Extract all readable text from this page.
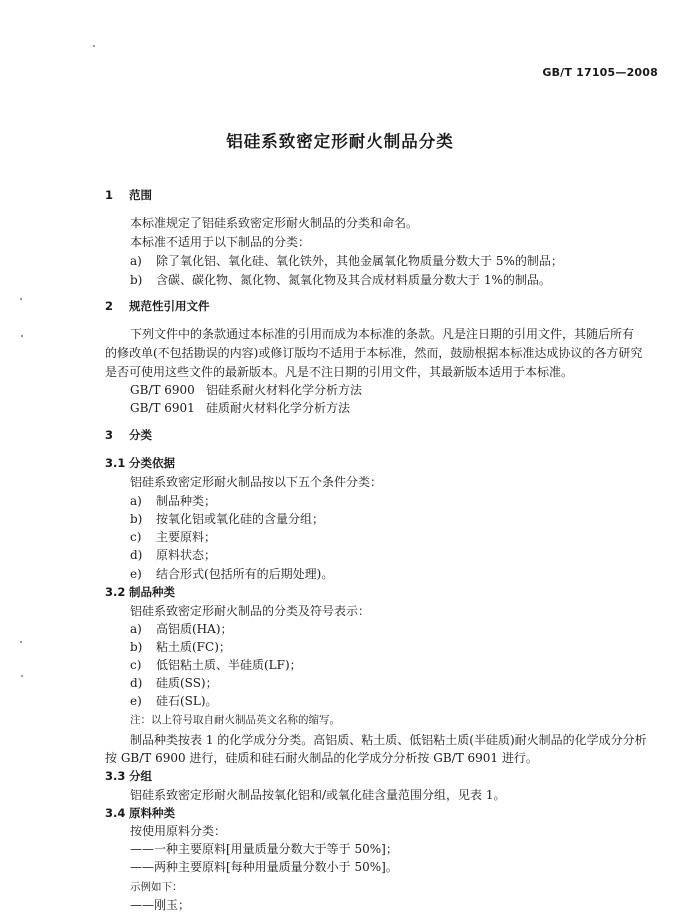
GB/T 17105—2008
铝硅系致密定形耐火制品分类
1 范围
本标准规定了铝硅系致密定形耐火制品的分类和命名。
本标准不适用于以下制品的分类：
a) 除了氧化铝、氧化硅、氧化铁外，其他金属氧化物质量分数大于 5%的制品；
b) 含碳、碳化物、氮化物、氮氧化物及其合成材料质量分数大于 1%的制品。
2 规范性引用文件
下列文件中的条款通过本标准的引用而成为本标准的条款。凡是注日期的引用文件，其随后所有
的修改单(不包括勘误的内容)或修订版均不适用于本标准，然而，鼓励根据本标准达成协议的各方研究
是否可使用这些文件的最新版本。凡是不注日期的引用文件，其最新版本适用于本标准。
GB/T 6900 铝硅系耐火材料化学分析方法
GB/T 6901 硅质耐火材料化学分析方法
3 分类
3.1 分类依据
铝硅系致密定形耐火制品按以下五个条件分类：
a) 制品种类；
b) 按氧化铝或氧化硅的含量分组；
c) 主要原料；
d) 原料状态；
e) 结合形式(包括所有的后期处理)。
3.2 制品种类
铝硅系致密定形耐火制品的分类及符号表示：
a) 高铝质(HA)；
b) 粘土质(FC)；
c) 低铝粘土质、半硅质(LF)；
d) 硅质(SS)；
e) 硅石(SL)。
注：以上符号取自耐火制品英文名称的缩写。
制品种类按表 1 的化学成分分类。高铝质、粘土质、低铝粘土质(半硅质)耐火制品的化学成分分析
按 GB/T 6900 进行，硅质和硅石耐火制品的化学成分分析按 GB/T 6901 进行。
3.3 分组
铝硅系致密定形耐火制品按氧化铝和/或氧化硅含量范围分组，见表 1。
3.4 原料种类
按使用原料分类：
——一种主要原料[用量质量分数大于等于 50%]；
——两种主要原料[每种用量质量分数小于 50%]。
示例如下：
——刚玉；
